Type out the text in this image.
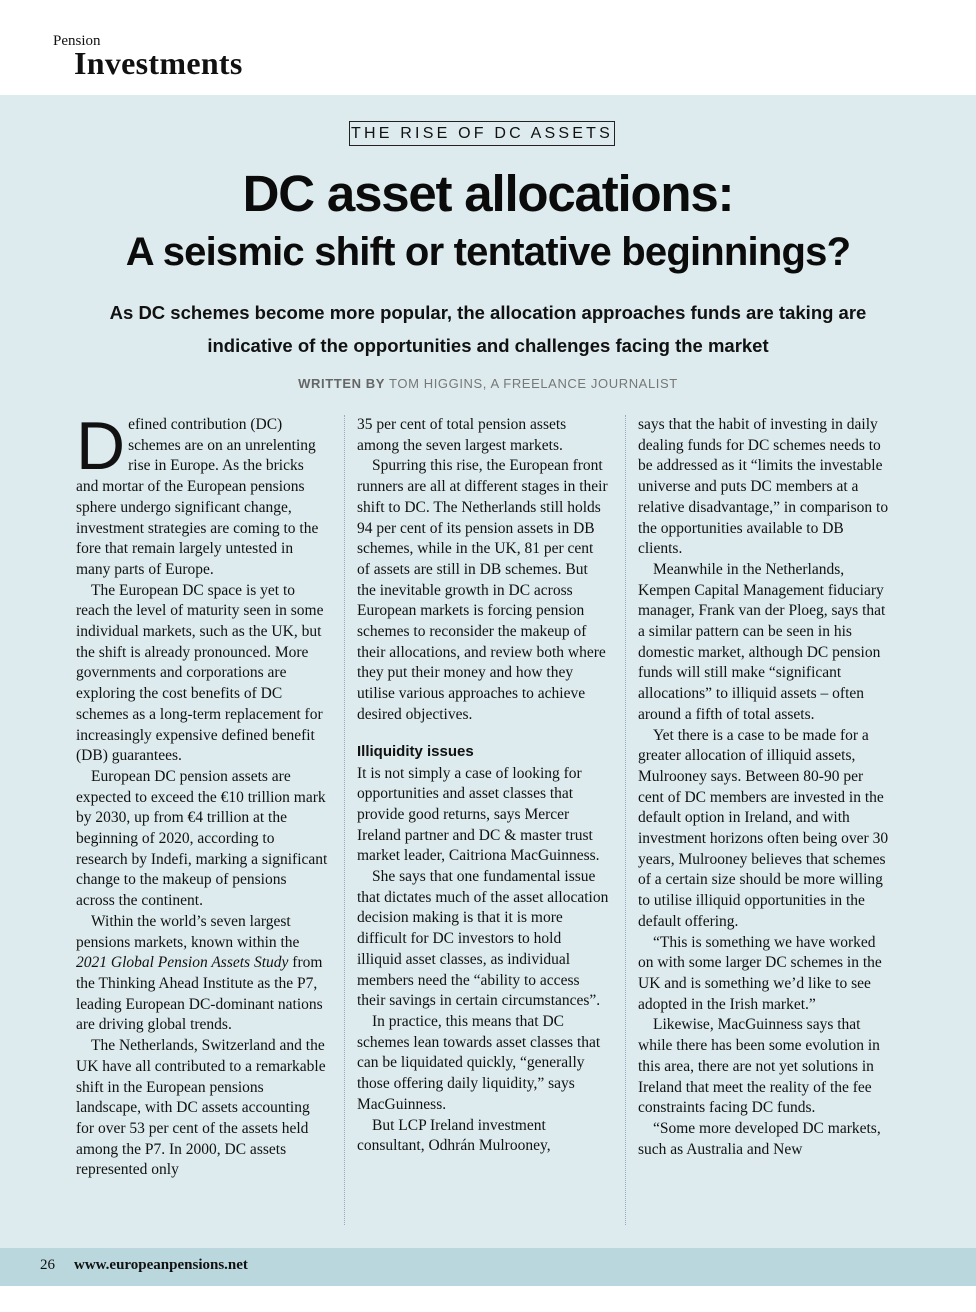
Pension
Investments
THE RISE OF DC ASSETS
DC asset allocations:
A seismic shift or tentative beginnings?
As DC schemes become more popular, the allocation approaches funds are taking are indicative of the opportunities and challenges facing the market
WRITTEN BY TOM HIGGINS, A FREELANCE JOURNALIST

Defined contribution (DC) schemes are on an unrelenting rise in Europe. As the bricks and mortar of the European pensions sphere undergo significant change, investment strategies are coming to the fore that remain largely untested in many parts of Europe.

The European DC space is yet to reach the level of maturity seen in some individual markets, such as the UK, but the shift is already pronounced. More governments and corporations are exploring the cost benefits of DC schemes as a long-term replacement for increasingly expensive defined benefit (DB) guarantees.

European DC pension assets are expected to exceed the €10 trillion mark by 2030, up from €4 trillion at the beginning of 2020, according to research by Indefi, marking a significant change to the makeup of pensions across the continent.

Within the world’s seven largest pensions markets, known within the 2021 Global Pension Assets Study from the Thinking Ahead Institute as the P7, leading European DC-dominant nations are driving global trends.

The Netherlands, Switzerland and the UK have all contributed to a remarkable shift in the European pensions landscape, with DC assets accounting for over 53 per cent of the assets held among the P7. In 2000, DC assets represented only

35 per cent of total pension assets among the seven largest markets.

Spurring this rise, the European front runners are all at different stages in their shift to DC. The Netherlands still holds 94 per cent of its pension assets in DB schemes, while in the UK, 81 per cent of assets are still in DB schemes. But the inevitable growth in DC across European markets is forcing pension schemes to reconsider the makeup of their allocations, and review both where they put their money and how they utilise various approaches to achieve desired objectives.

Illiquidity issues

It is not simply a case of looking for opportunities and asset classes that provide good returns, says Mercer Ireland partner and DC & master trust market leader, Caitriona MacGuinness.

She says that one fundamental issue that dictates much of the asset allocation decision making is that it is more difficult for DC investors to hold illiquid asset classes, as individual members need the “ability to access their savings in certain circumstances”.

In practice, this means that DC schemes lean towards asset classes that can be liquidated quickly, “generally those offering daily liquidity,” says MacGuinness.

But LCP Ireland investment consultant, Odhrán Mulrooney,

says that the habit of investing in daily dealing funds for DC schemes needs to be addressed as it “limits the investable universe and puts DC members at a relative disadvantage,” in comparison to the opportunities available to DB clients.

Meanwhile in the Netherlands, Kempen Capital Management fiduciary manager, Frank van der Ploeg, says that a similar pattern can be seen in his domestic market, although DC pension funds will still make “significant allocations” to illiquid assets – often around a fifth of total assets.

Yet there is a case to be made for a greater allocation of illiquid assets, Mulrooney says. Between 80-90 per cent of DC members are invested in the default option in Ireland, and with investment horizons often being over 30 years, Mulrooney believes that schemes of a certain size should be more willing to utilise illiquid opportunities in the default offering.

“This is something we have worked on with some larger DC schemes in the UK and is something we’d like to see adopted in the Irish market.”

Likewise, MacGuinness says that while there has been some evolution in this area, there are not yet solutions in Ireland that meet the reality of the fee constraints facing DC funds.

“Some more developed DC markets, such as Australia and New

26 www.europeanpensions.net
